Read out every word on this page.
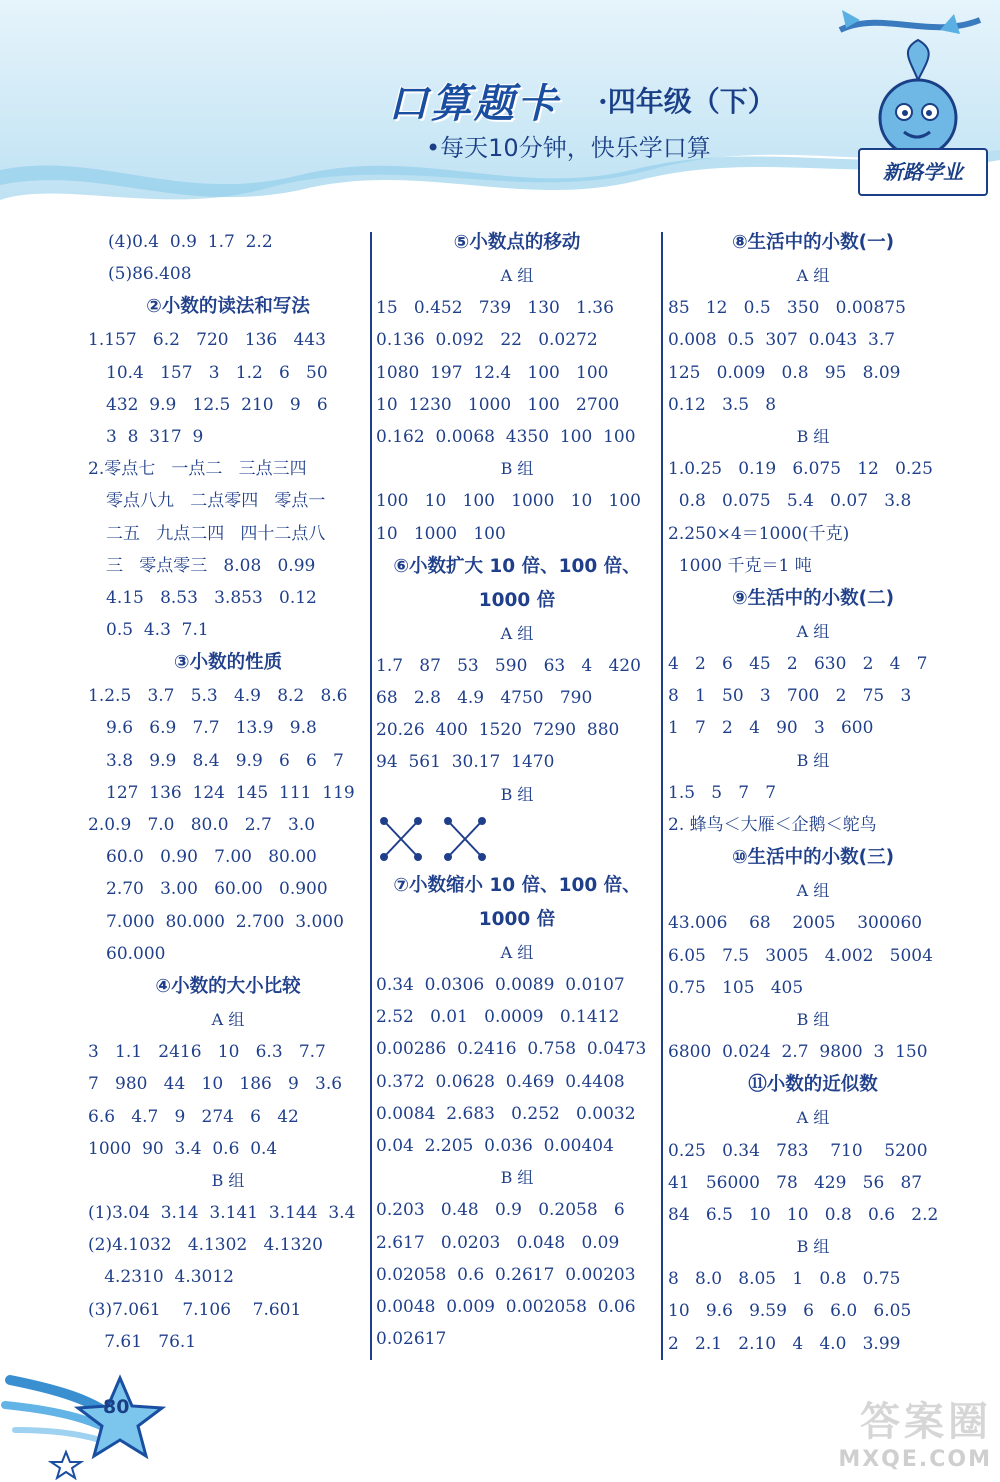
口算题卡 ·四年级（下）
•每天10分钟，快乐学口算
新路学业
(4)0.4  0.9  1.7  2.2
(5)86.408
②小数的读法和写法
1.157   6.2   720   136   443
10.4   157   3   1.2   6   50
432  9.9   12.5  210   9   6
3  8  317  9
2.零点七   一点二   三点三四
零点八九   二点零四   零点一
二五   九点二四   四十二点八
三   零点零三   8.08   0.99
4.15   8.53   3.853   0.12
0.5  4.3  7.1
③小数的性质
1.2.5   3.7   5.3   4.9   8.2   8.6
9.6   6.9   7.7   13.9   9.8
3.8   9.9   8.4   9.9   6   6   7
127  136  124  145  111  119
2.0.9   7.0   80.0   2.7   3.0
60.0   0.90   7.00   80.00
2.70   3.00   60.00   0.900
7.000  80.000  2.700  3.000
60.000
④小数的大小比较
A 组
3   1.1   2416   10   6.3   7.7
7   980   44   10   186   9   3.6
6.6   4.7   9   274   6   42
1000  90  3.4  0.6  0.4
B 组
(1)3.04  3.14  3.141  3.144  3.4
(2)4.1032   4.1302   4.1320
4.2310  4.3012
(3)7.061    7.106    7.601
7.61   76.1
⑤小数点的移动
A 组
15   0.452   739   130   1.36
0.136  0.092   22   0.0272
1080  197  12.4   100   100
10  1230   1000   100   2700
0.162  0.0068  4350  100  100
B 组
100   10   100   1000   10   100
10   1000   100
⑥小数扩大 10 倍、100 倍、
1000 倍
A 组
1.7   87   53   590   63   4   420
68   2.8   4.9   4750   790
20.26  400  1520  7290  880
94  561  30.17  1470
B 组
⑦小数缩小 10 倍、100 倍、
1000 倍
A 组
0.34  0.0306  0.0089  0.0107
2.52   0.01   0.0009   0.1412
0.00286  0.2416  0.758  0.0473
0.372  0.0628  0.469  0.4408
0.0084  2.683   0.252   0.0032
0.04  2.205  0.036  0.00404
B 组
0.203   0.48   0.9   0.2058   6
2.617   0.0203   0.048   0.09
0.02058  0.6  0.2617  0.00203
0.0048  0.009  0.002058  0.06
0.02617
⑧生活中的小数(一)
A 组
85   12   0.5   350   0.00875
0.008  0.5  307  0.043  3.7
125   0.009   0.8   95   8.09
0.12   3.5   8
B 组
1.0.25   0.19   6.075   12   0.25
0.8   0.075   5.4   0.07   3.8
2.250×4＝1000(千克)
1000 千克＝1 吨
⑨生活中的小数(二)
A 组
4   2   6   45   2   630   2   4   7
8   1   50   3   700   2   75   3
1   7   2   4   90   3   600
B 组
1.5   5   7   7
2. 蜂鸟＜大雁＜企鹅＜鸵鸟
⑩生活中的小数(三)
A 组
43.006    68    2005    300060
6.05   7.5   3005   4.002   5004
0.75   105   405
B 组
6800  0.024  2.7  9800  3  150
⑪小数的近似数
A 组
0.25   0.34   783    710    5200
41   56000   78   429   56   87
84   6.5   10   10   0.8   0.6   2.2
B 组
8   8.0   8.05   1   0.8   0.75
10   9.6   9.59   6   6.0   6.05
2   2.1   2.10   4   4.0   3.99
80	答案圈
MXQE.COM
